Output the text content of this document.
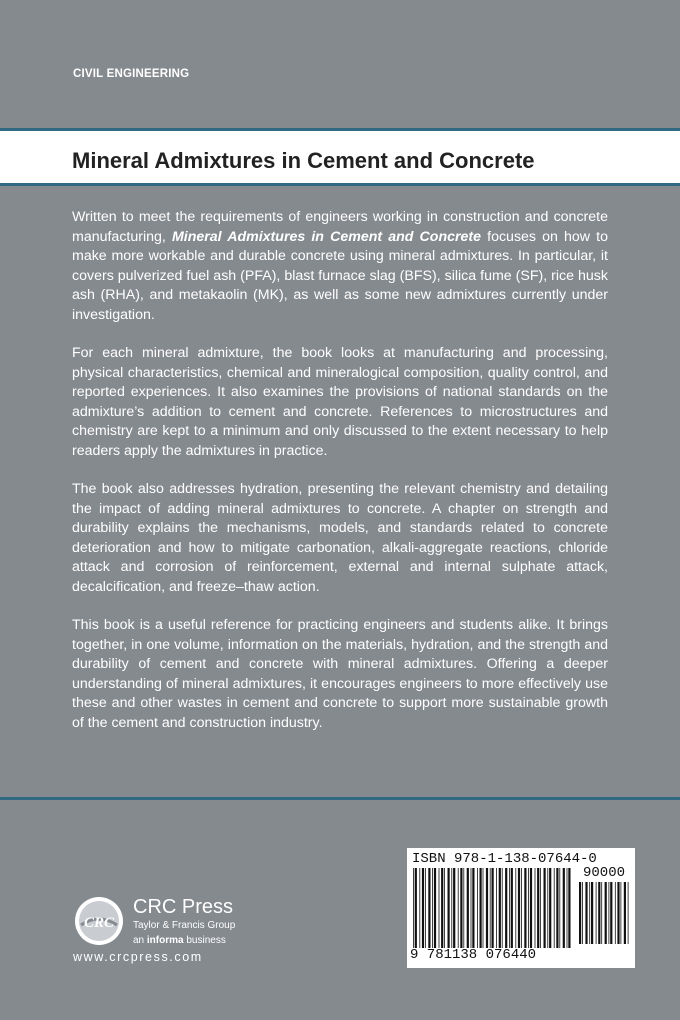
CIVIL ENGINEERING
Mineral Admixtures in Cement and Concrete

Written to meet the requirements of engineers working in construction and concrete manufacturing, Mineral Admixtures in Cement and Concrete focuses on how to make more workable and durable concrete using mineral admixtures. In particular, it covers pulverized fuel ash (PFA), blast furnace slag (BFS), silica fume (SF), rice husk ash (RHA), and metakaolin (MK), as well as some new admixtures currently under investigation.

For each mineral admixture, the book looks at manufacturing and processing, physical characteristics, chemical and mineralogical composition, quality control, and reported experiences. It also examines the provisions of national standards on the admixture’s addition to cement and concrete. References to microstructures and chemistry are kept to a minimum and only discussed to the extent necessary to help readers apply the admixtures in practice.

The book also addresses hydration, presenting the relevant chemistry and detailing the impact of adding mineral admixtures to concrete. A chapter on strength and durability explains the mechanisms, models, and standards related to concrete deterioration and how to mitigate carbonation, alkali-aggregate reactions, chloride attack and corrosion of reinforcement, external and internal sulphate attack, decalcification, and freeze–thaw action.

This book is a useful reference for practicing engineers and students alike. It brings together, in one volume, information on the materials, hydration, and the strength and durability of cement and concrete with mineral admixtures. Offering a deeper understanding of mineral admixtures, it encourages engineers to more effectively use these and other wastes in cement and concrete to support more sustainable growth of the cement and construction industry.

CRC
CRC Press
Taylor & Francis Group
an informa business
www.crcpress.com
ISBN 978-1-138-07644-0
90000
9 781138 076440
